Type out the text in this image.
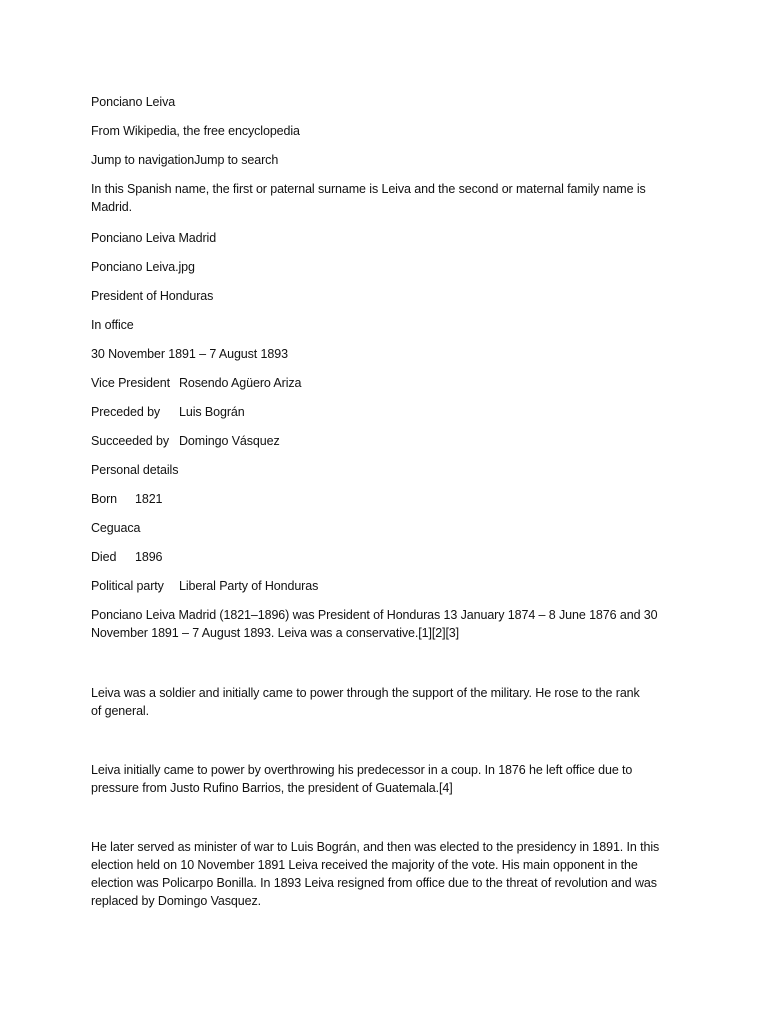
Ponciano Leiva
From Wikipedia, the free encyclopedia
Jump to navigationJump to search
In this Spanish name, the first or paternal surname is Leiva and the second or maternal family name is
Madrid.
Ponciano Leiva Madrid
Ponciano Leiva.jpg
President of Honduras
In office
30 November 1891 – 7 August 1893
Vice President Rosendo Agüero Ariza
Preceded by Luis Bográn
Succeeded by Domingo Vásquez
Personal details
Born 1821
Ceguaca
Died 1896
Political party Liberal Party of Honduras
Ponciano Leiva Madrid (1821–1896) was President of Honduras 13 January 1874 – 8 June 1876 and 30
November 1891 – 7 August 1893. Leiva was a conservative.[1][2][3]
Leiva was a soldier and initially came to power through the support of the military. He rose to the rank
of general.
Leiva initially came to power by overthrowing his predecessor in a coup. In 1876 he left office due to
pressure from Justo Rufino Barrios, the president of Guatemala.[4]
He later served as minister of war to Luis Bográn, and then was elected to the presidency in 1891. In this
election held on 10 November 1891 Leiva received the majority of the vote. His main opponent in the
election was Policarpo Bonilla. In 1893 Leiva resigned from office due to the threat of revolution and was
replaced by Domingo Vasquez.
